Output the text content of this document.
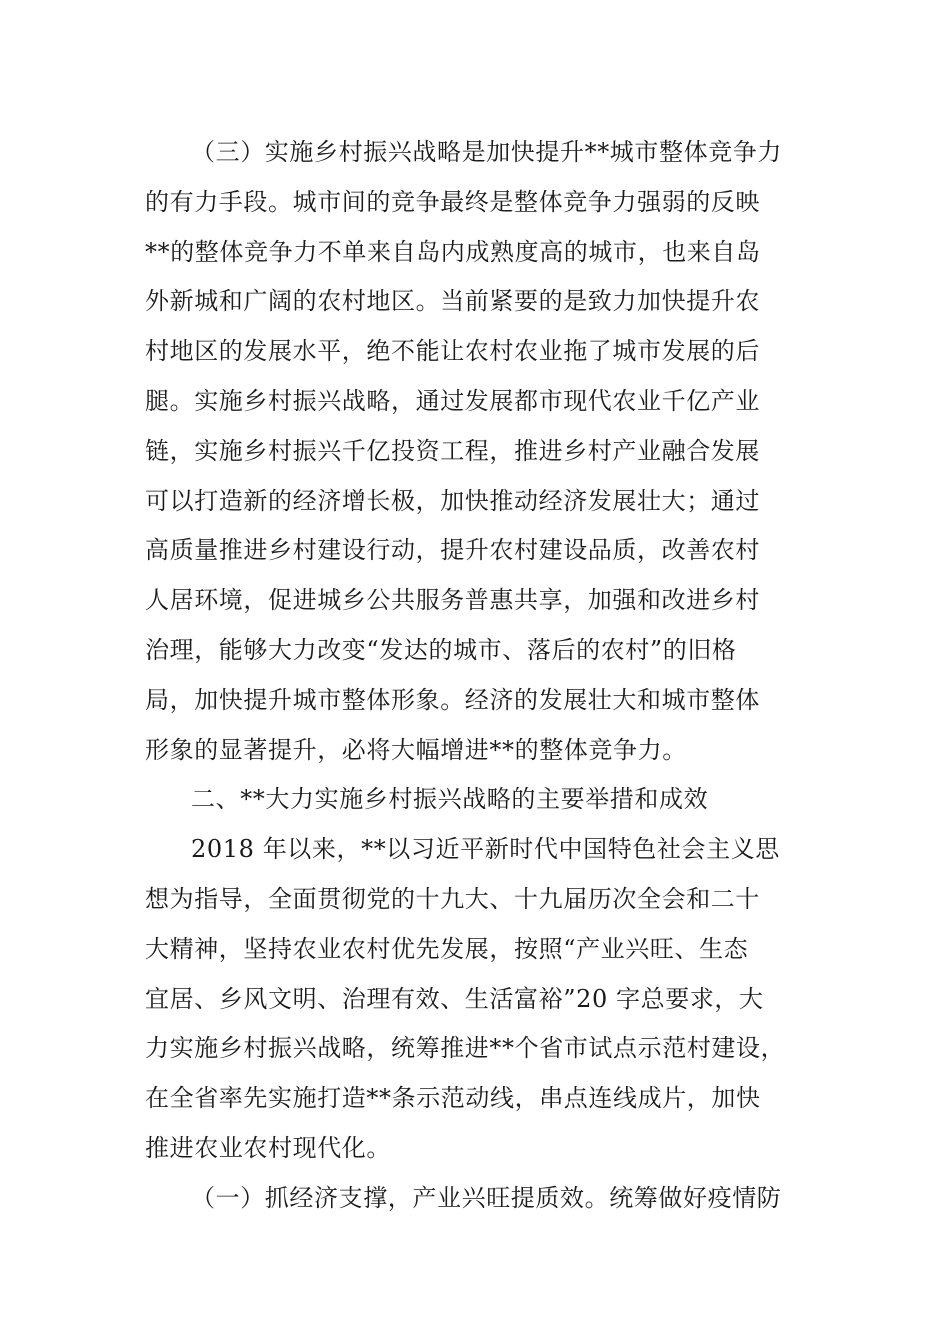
（三）实施乡村振兴战略是加快提升**城市整体竞争力
的有力手段。城市间的竞争最终是整体竞争力强弱的反映
**的整体竞争力不单来自岛内成熟度高的城市，也来自岛
外新城和广阔的农村地区。当前紧要的是致力加快提升农
村地区的发展水平，绝不能让农村农业拖了城市发展的后
腿。实施乡村振兴战略，通过发展都市现代农业千亿产业
链，实施乡村振兴千亿投资工程，推进乡村产业融合发展
可以打造新的经济增长极，加快推动经济发展壮大；通过
高质量推进乡村建设行动，提升农村建设品质，改善农村
人居环境，促进城乡公共服务普惠共享，加强和改进乡村
治理，能够大力改变“发达的城市、落后的农村”的旧格
局，加快提升城市整体形象。经济的发展壮大和城市整体
形象的显著提升，必将大幅增进**的整体竞争力。
二、**大力实施乡村振兴战略的主要举措和成效
2018 年以来，**以习近平新时代中国特色社会主义思
想为指导，全面贯彻党的十九大、十九届历次全会和二十
大精神，坚持农业农村优先发展，按照“产业兴旺、生态
宜居、乡风文明、治理有效、生活富裕”20 字总要求，大
力实施乡村振兴战略，统筹推进**个省市试点示范村建设，
在全省率先实施打造**条示范动线，串点连线成片，加快
推进农业农村现代化。
（一）抓经济支撑，产业兴旺提质效。统筹做好疫情防
